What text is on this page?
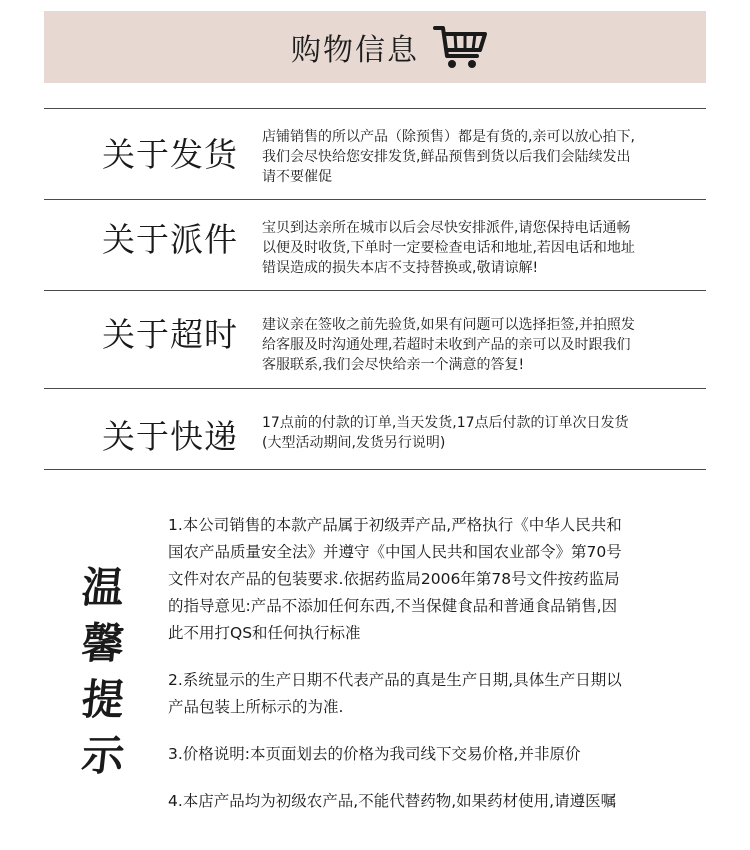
购物信息
关于发货 店铺销售的所以产品（除预售）都是有货的,亲可以放心拍下,
我们会尽快给您安排发货,鲜品预售到货以后我们会陆续发出
请不要催促
关于派件 宝贝到达亲所在城市以后会尽快安排派件,请您保持电话通畅
以便及时收货,下单时一定要检查电话和地址,若因电话和地址
错误造成的损失本店不支持替换或,敬请谅解!
关于超时 建议亲在签收之前先验货,如果有问题可以选择拒签,并拍照发
给客服及时沟通处理,若超时未收到产品的亲可以及时跟我们
客服联系,我们会尽快给亲一个满意的答复!
关于快递 17点前的付款的订单,当天发货,17点后付款的订单次日发货
(大型活动期间,发货另行说明)
温
馨
提
示
1.本公司销售的本款产品属于初级弄产品,严格执行《中华人民共和
国农产品质量安全法》并遵守《中国人民共和国农业部令》第70号
文件对农产品的包装要求.依据药监局2006年第78号文件按药监局
的指导意见:产品不添加任何东西,不当保健食品和普通食品销售,因
此不用打QS和任何执行标准
2.系统显示的生产日期不代表产品的真是生产日期,具体生产日期以
产品包装上所标示的为准.
3.价格说明:本页面划去的价格为我司线下交易价格,并非原价
4.本店产品均为初级农产品,不能代替药物,如果药材使用,请遵医嘱
